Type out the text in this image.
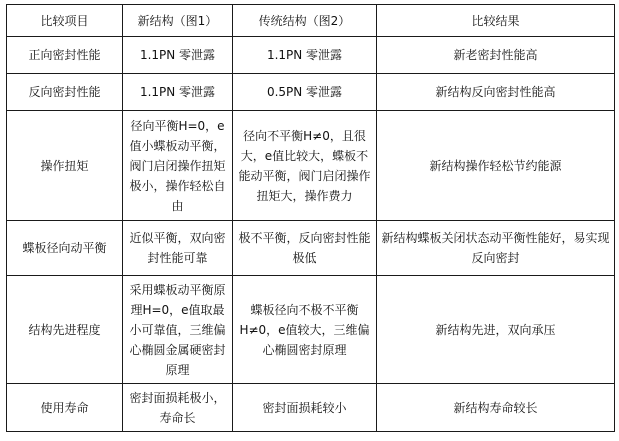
比较项目	新结构（图1）	传统结构（图2）	比较结果
正向密封性能	1.1PN 零泄露	1.1PN 零泄露	新老密封性能高
反向密封性能	1.1PN 零泄露	0.5PN 零泄露	新结构反向密封性能高
操作扭矩	径向平衡H=0，e值小蝶板动平衡，阀门启闭操作扭矩极小，操作轻松自由	径向不平衡H≠0，且很大，e值比较大，蝶板不能动平衡，阀门启闭操作扭矩大，操作费力	新结构操作轻松节约能源
蝶板径向动平衡	近似平衡，双向密封性能可靠	极不平衡，反向密封性能极低	新结构蝶板关闭状态动平衡性能好，易实现反向密封
结构先进程度	采用蝶板动平衡原理H=0，e值取最小可靠值，三维偏心椭圆金属硬密封原理	蝶板径向不极不平衡H≠0，e值较大，三维偏心椭圆密封原理	新结构先进，双向承压
使用寿命	密封面损耗极小，寿命长	密封面损耗较小	新结构寿命较长
